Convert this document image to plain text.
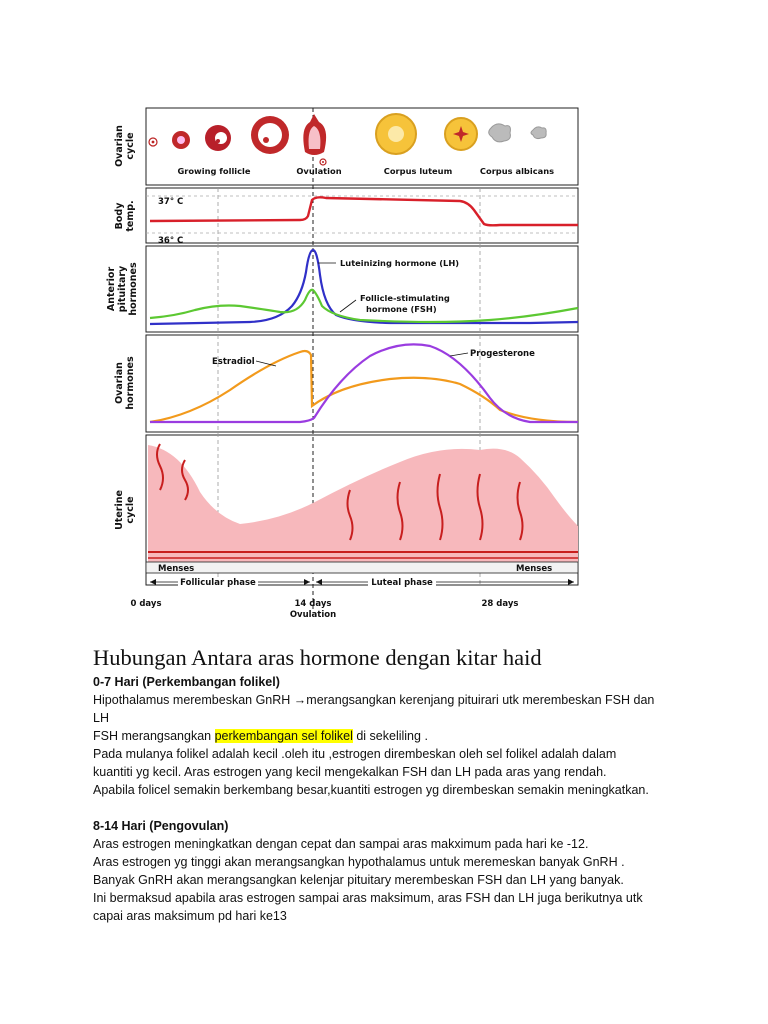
Ovariancycle
Bodytemp.
Anteriorpituitaryhormones
Ovarianhormones
Uterinecycle
Growing follicle	Ovulation	Corpus luteum	Corpus albicans
37° C
36° C
Luteinizing hormone (LH)
Follicle-stimulating hormone (FSH)
Estradiol
Progesterone
Menses	Menses
Follicular phase	Luteal phase
0 days	14 days
Ovulation
28 days
Hubungan Antara aras hormone dengan kitar haid
0-7 Hari (Perkembangan folikel)
Hipothalamus merembeskan GnRH →merangsangkan kerenjang pituirari utk merembeskan FSH dan
LH
FSH merangsangkan perkembangan sel folikel di sekeliling .
Pada mulanya folikel adalah kecil .oleh itu ,estrogen dirembeskan oleh sel folikel adalah dalam
kuantiti yg kecil. Aras estrogen yang kecil mengekalkan FSH dan LH pada aras yang rendah.
Apabila folicel semakin berkembang besar,kuantiti estrogen yg dirembeskan semakin meningkatkan.
8-14 Hari (Pengovulan)
Aras estrogen meningkatkan dengan cepat dan sampai aras makximum pada hari ke -12.
Aras estrogen yg tinggi akan merangsangkan hypothalamus untuk meremeskan banyak GnRH .
Banyak GnRH akan merangsangkan kelenjar pituitary merembeskan FSH dan LH yang banyak.
Ini bermaksud apabila aras estrogen sampai aras maksimum, aras FSH dan LH juga berikutnya utk
capai aras maksimum pd hari ke13
